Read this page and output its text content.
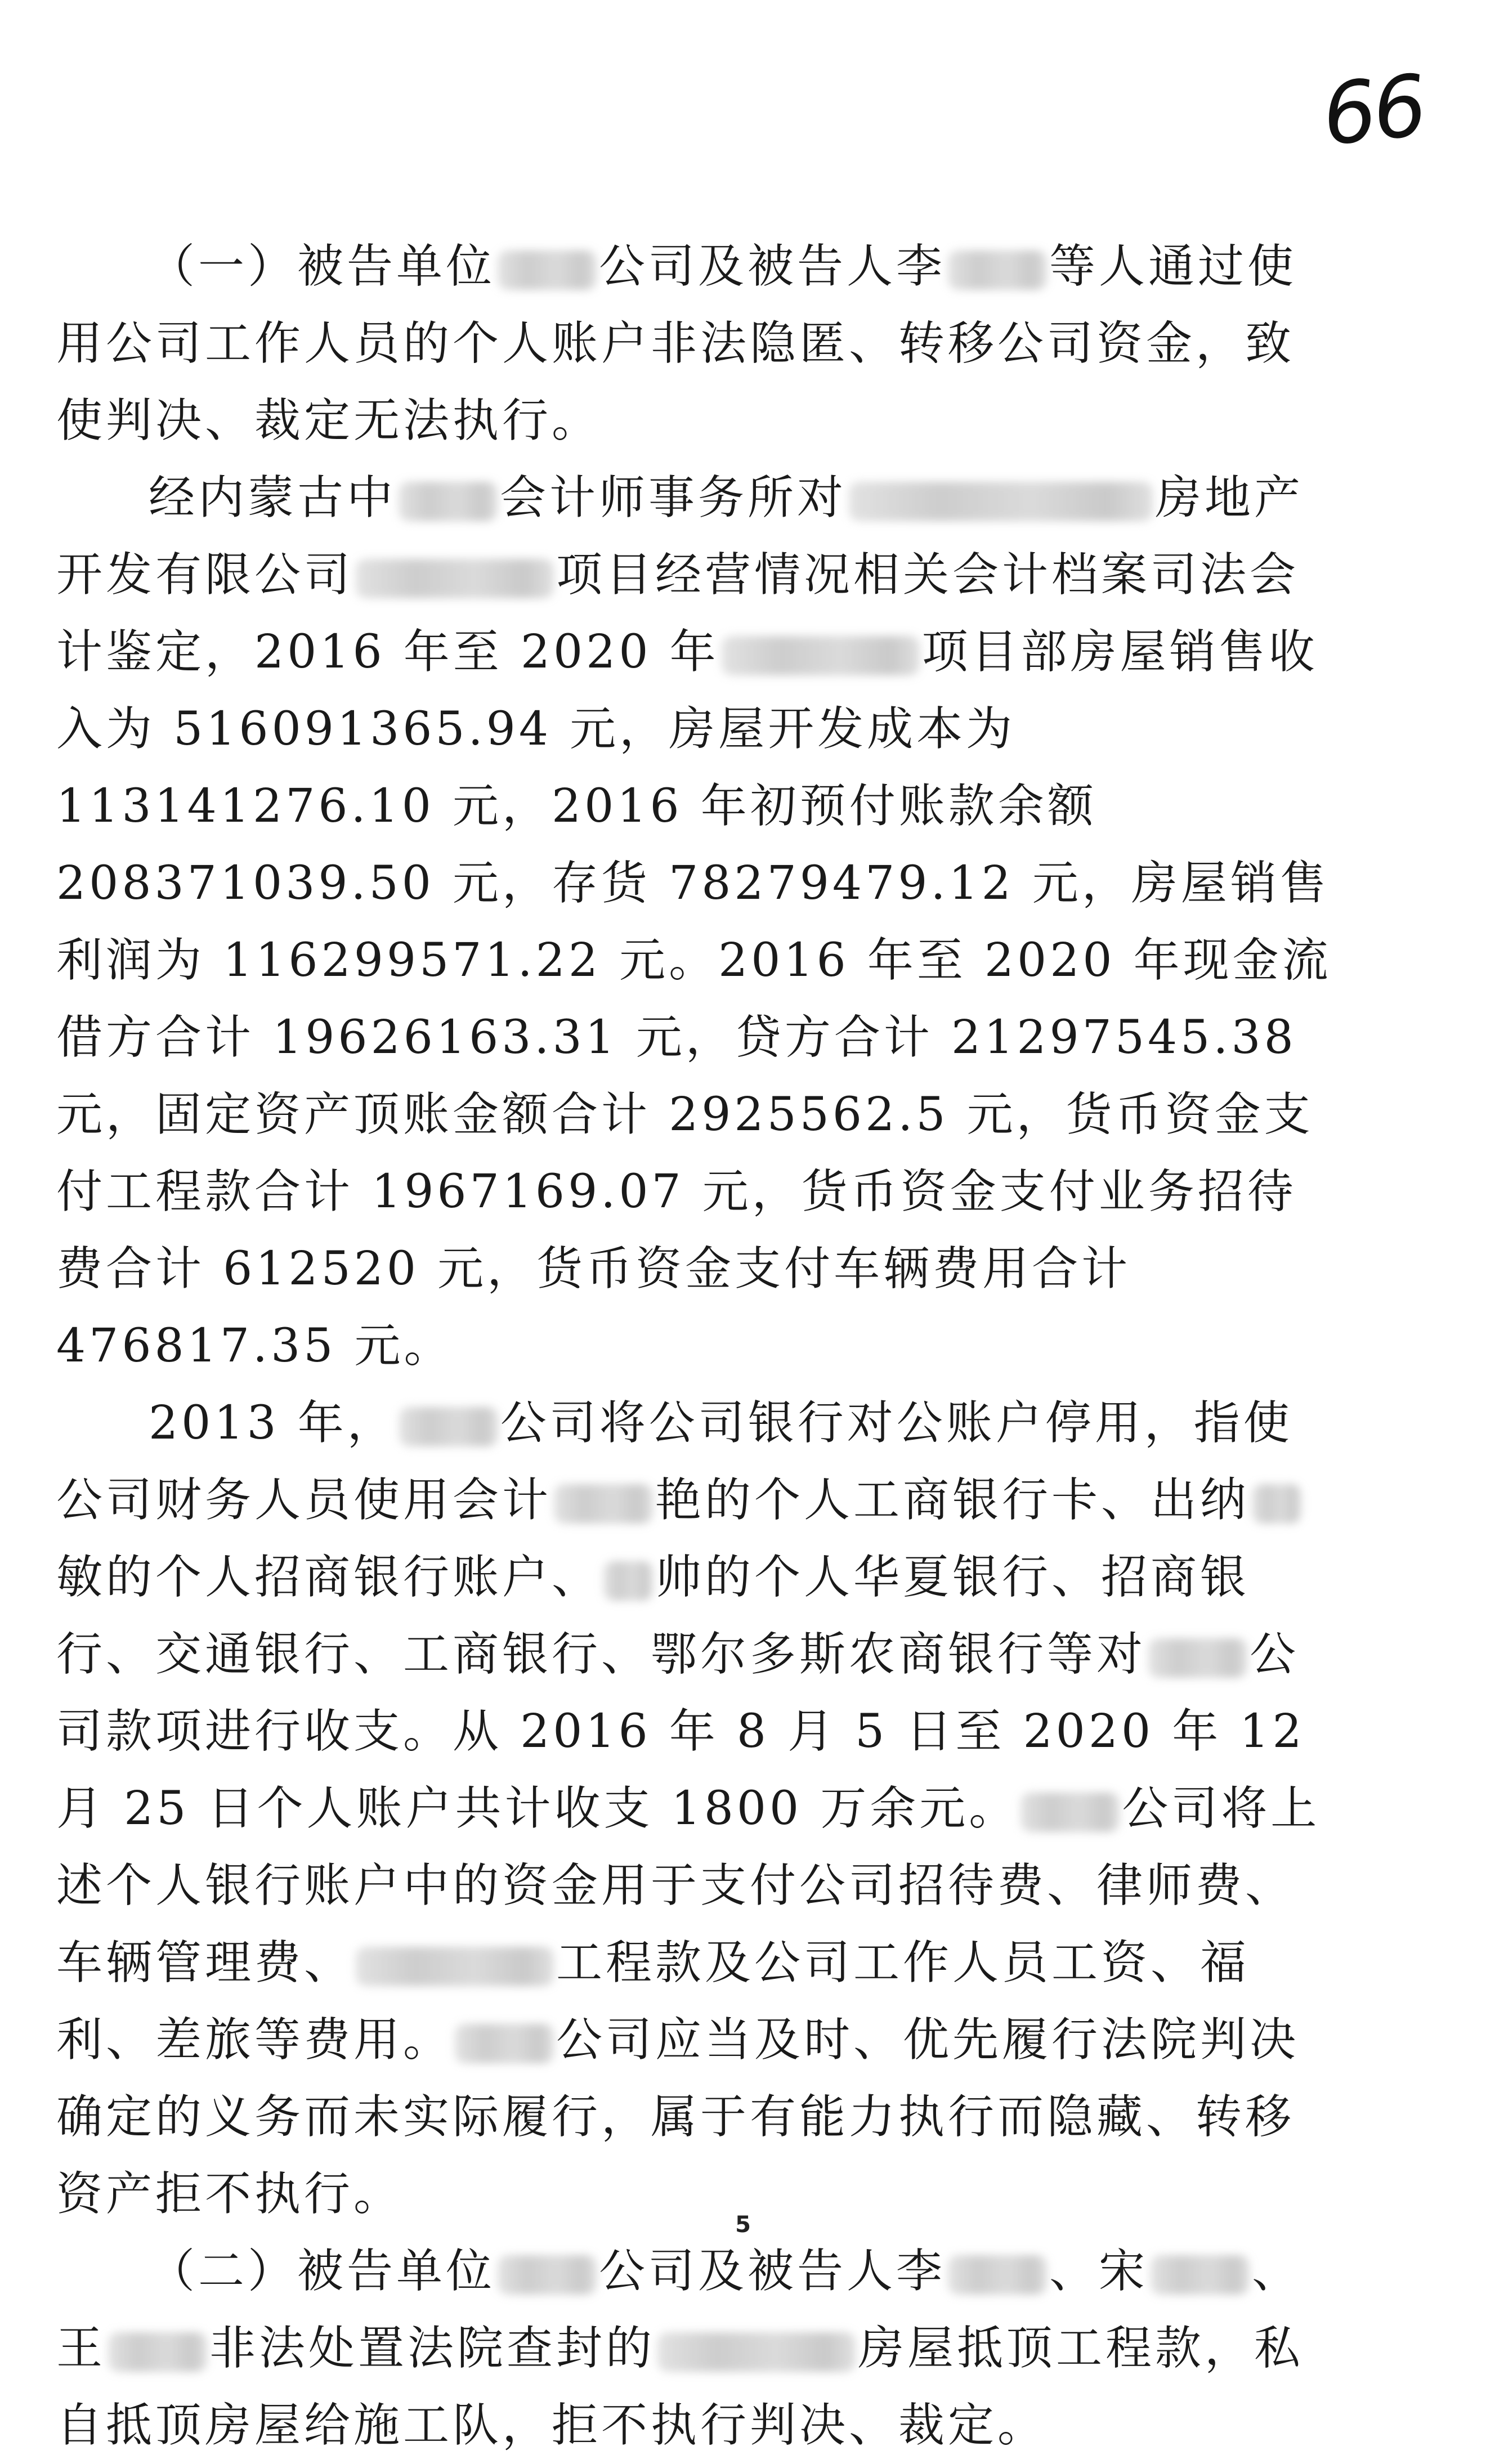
66

（一）被告单位 公司及被告人李 等人通过使用公司工作人员的个人账户非法隐匿、转移公司资金，致使判决、裁定无法执行。

经内蒙古中 会计师事务所对	房地产开发有限公司	项目经营情况相关会计档案司法会计鉴定，2016 年至 2020 年	项目部房屋销售收入为 516091365.94 元，房屋开发成本为 113141276.10 元，2016 年初预付账款余额 208371039.50 元，存货 78279479.12 元，房屋销售利润为 116299571.22 元。2016 年至 2020 年现金流借方合计 19626163.31 元，贷方合计 21297545.38 元，固定资产顶账金额合计 2925562.5 元，货币资金支付工程款合计 1967169.07 元，货币资金支付业务招待费合计 612520 元，货币资金支付车辆费用合计 476817.35 元。

2013 年， 公司将公司银行对公账户停用，指使公司财务人员使用会计 艳的个人工商银行卡、出纳敏的个人招商银行账户、 帅的个人华夏银行、招商银行、交通银行、工商银行、鄂尔多斯农商银行等对 公司款项进行收支。从 2016 年 8 月 5 日至 2020 年 12 月 25 日个人账户共计收支 1800 万余元。 公司将上述个人银行账户中的资金用于支付公司招待费、律师费、车辆管理费、	工程款及公司工作人员工资、福利、差旅等费用。 公司应当及时、优先履行法院判决确定的义务而未实际履行，属于有能力执行而隐藏、转移资产拒不执行。

（二）被告单位 公司及被告人李 、宋 、王 非法处置法院查封的	房屋抵顶工程款，私自抵顶房屋给施工队，拒不执行判决、裁定。

5
